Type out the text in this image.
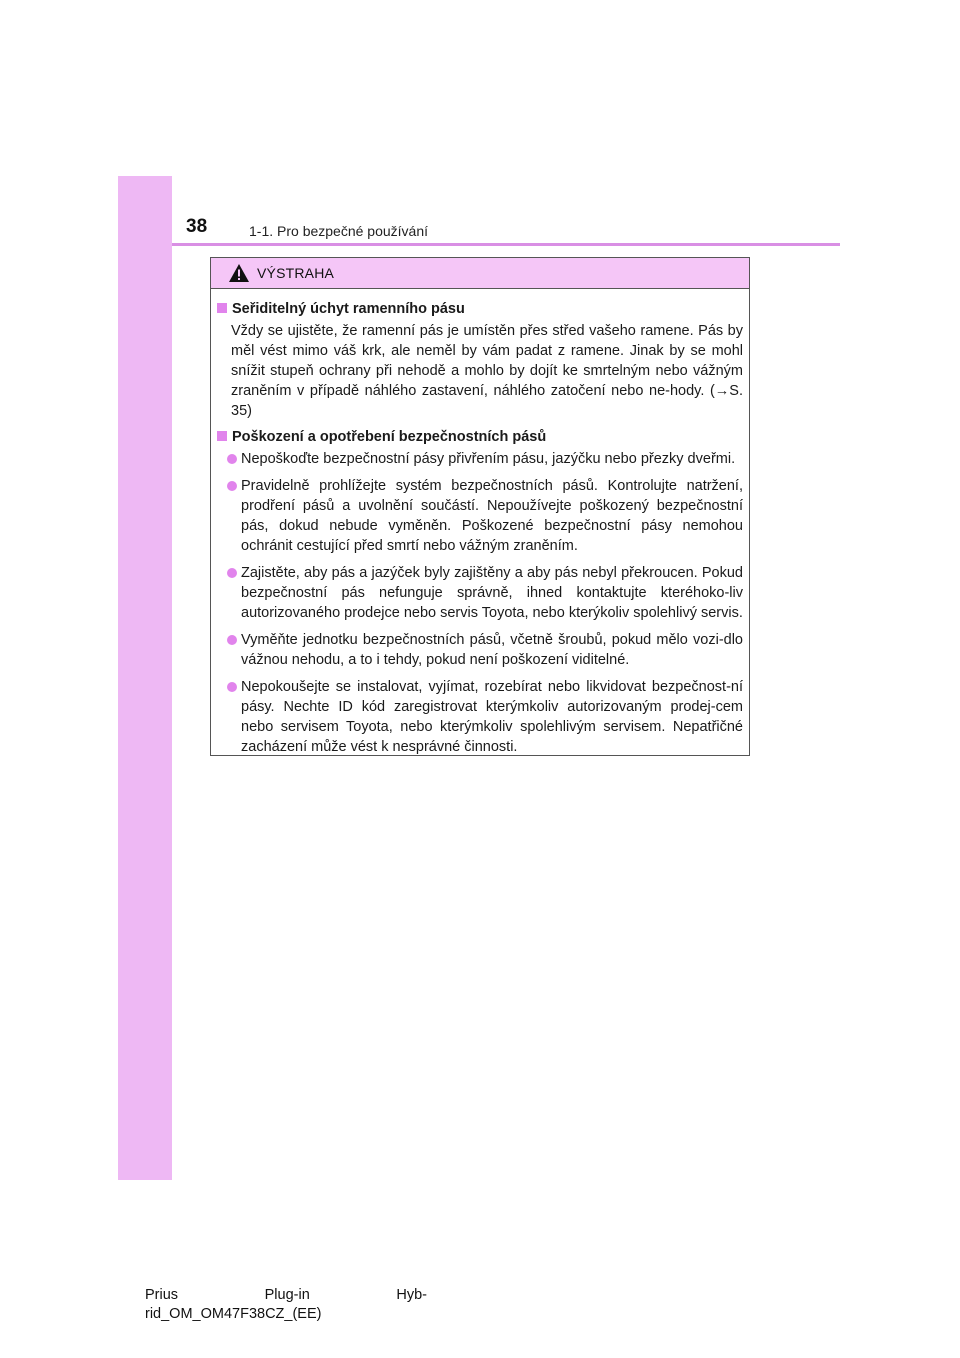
38	1-1. Pro bezpečné používání
VÝSTRAHA
Seřiditelný úchyt ramenního pásu
Vždy se ujistěte, že ramenní pás je umístěn přes střed vašeho ramene. Pás by měl vést mimo váš krk, ale neměl by vám padat z ramene. Jinak by se mohl snížit stupeň ochrany při nehodě a mohlo by dojít ke smrtelným nebo vážným zraněním v případě náhlého zastavení, náhlého zatočení nebo ne-hody. (→S. 35)
Poškození a opotřebení bezpečnostních pásů
Nepoškoďte bezpečnostní pásy přivřením pásu, jazýčku nebo přezky dveřmi.
Pravidelně prohlížejte systém bezpečnostních pásů. Kontrolujte natržení, prodření pásů a uvolnění součástí. Nepoužívejte poškozený bezpečnostní pás, dokud nebude vyměněn. Poškozené bezpečnostní pásy nemohou ochránit cestující před smrtí nebo vážným zraněním.
Zajistěte, aby pás a jazýček byly zajištěny a aby pás nebyl překroucen. Pokud bezpečnostní pás nefunguje správně, ihned kontaktujte kteréhoko-liv autorizovaného prodejce nebo servis Toyota, nebo kterýkoliv spolehlivý servis.
Vyměňte jednotku bezpečnostních pásů, včetně šroubů, pokud mělo vozi-dlo vážnou nehodu, a to i tehdy, pokud není poškození viditelné.
Nepokoušejte se instalovat, vyjímat, rozebírat nebo likvidovat bezpečnost-ní pásy. Nechte ID kód zaregistrovat kterýmkoliv autorizovaným prodej-cem nebo servisem Toyota, nebo kterýmkoliv spolehlivým servisem. Nepatřičné zacházení může vést k nesprávné činnosti.
Prius	Plug-in	Hyb-
rid_OM_OM47F38CZ_(EE)
